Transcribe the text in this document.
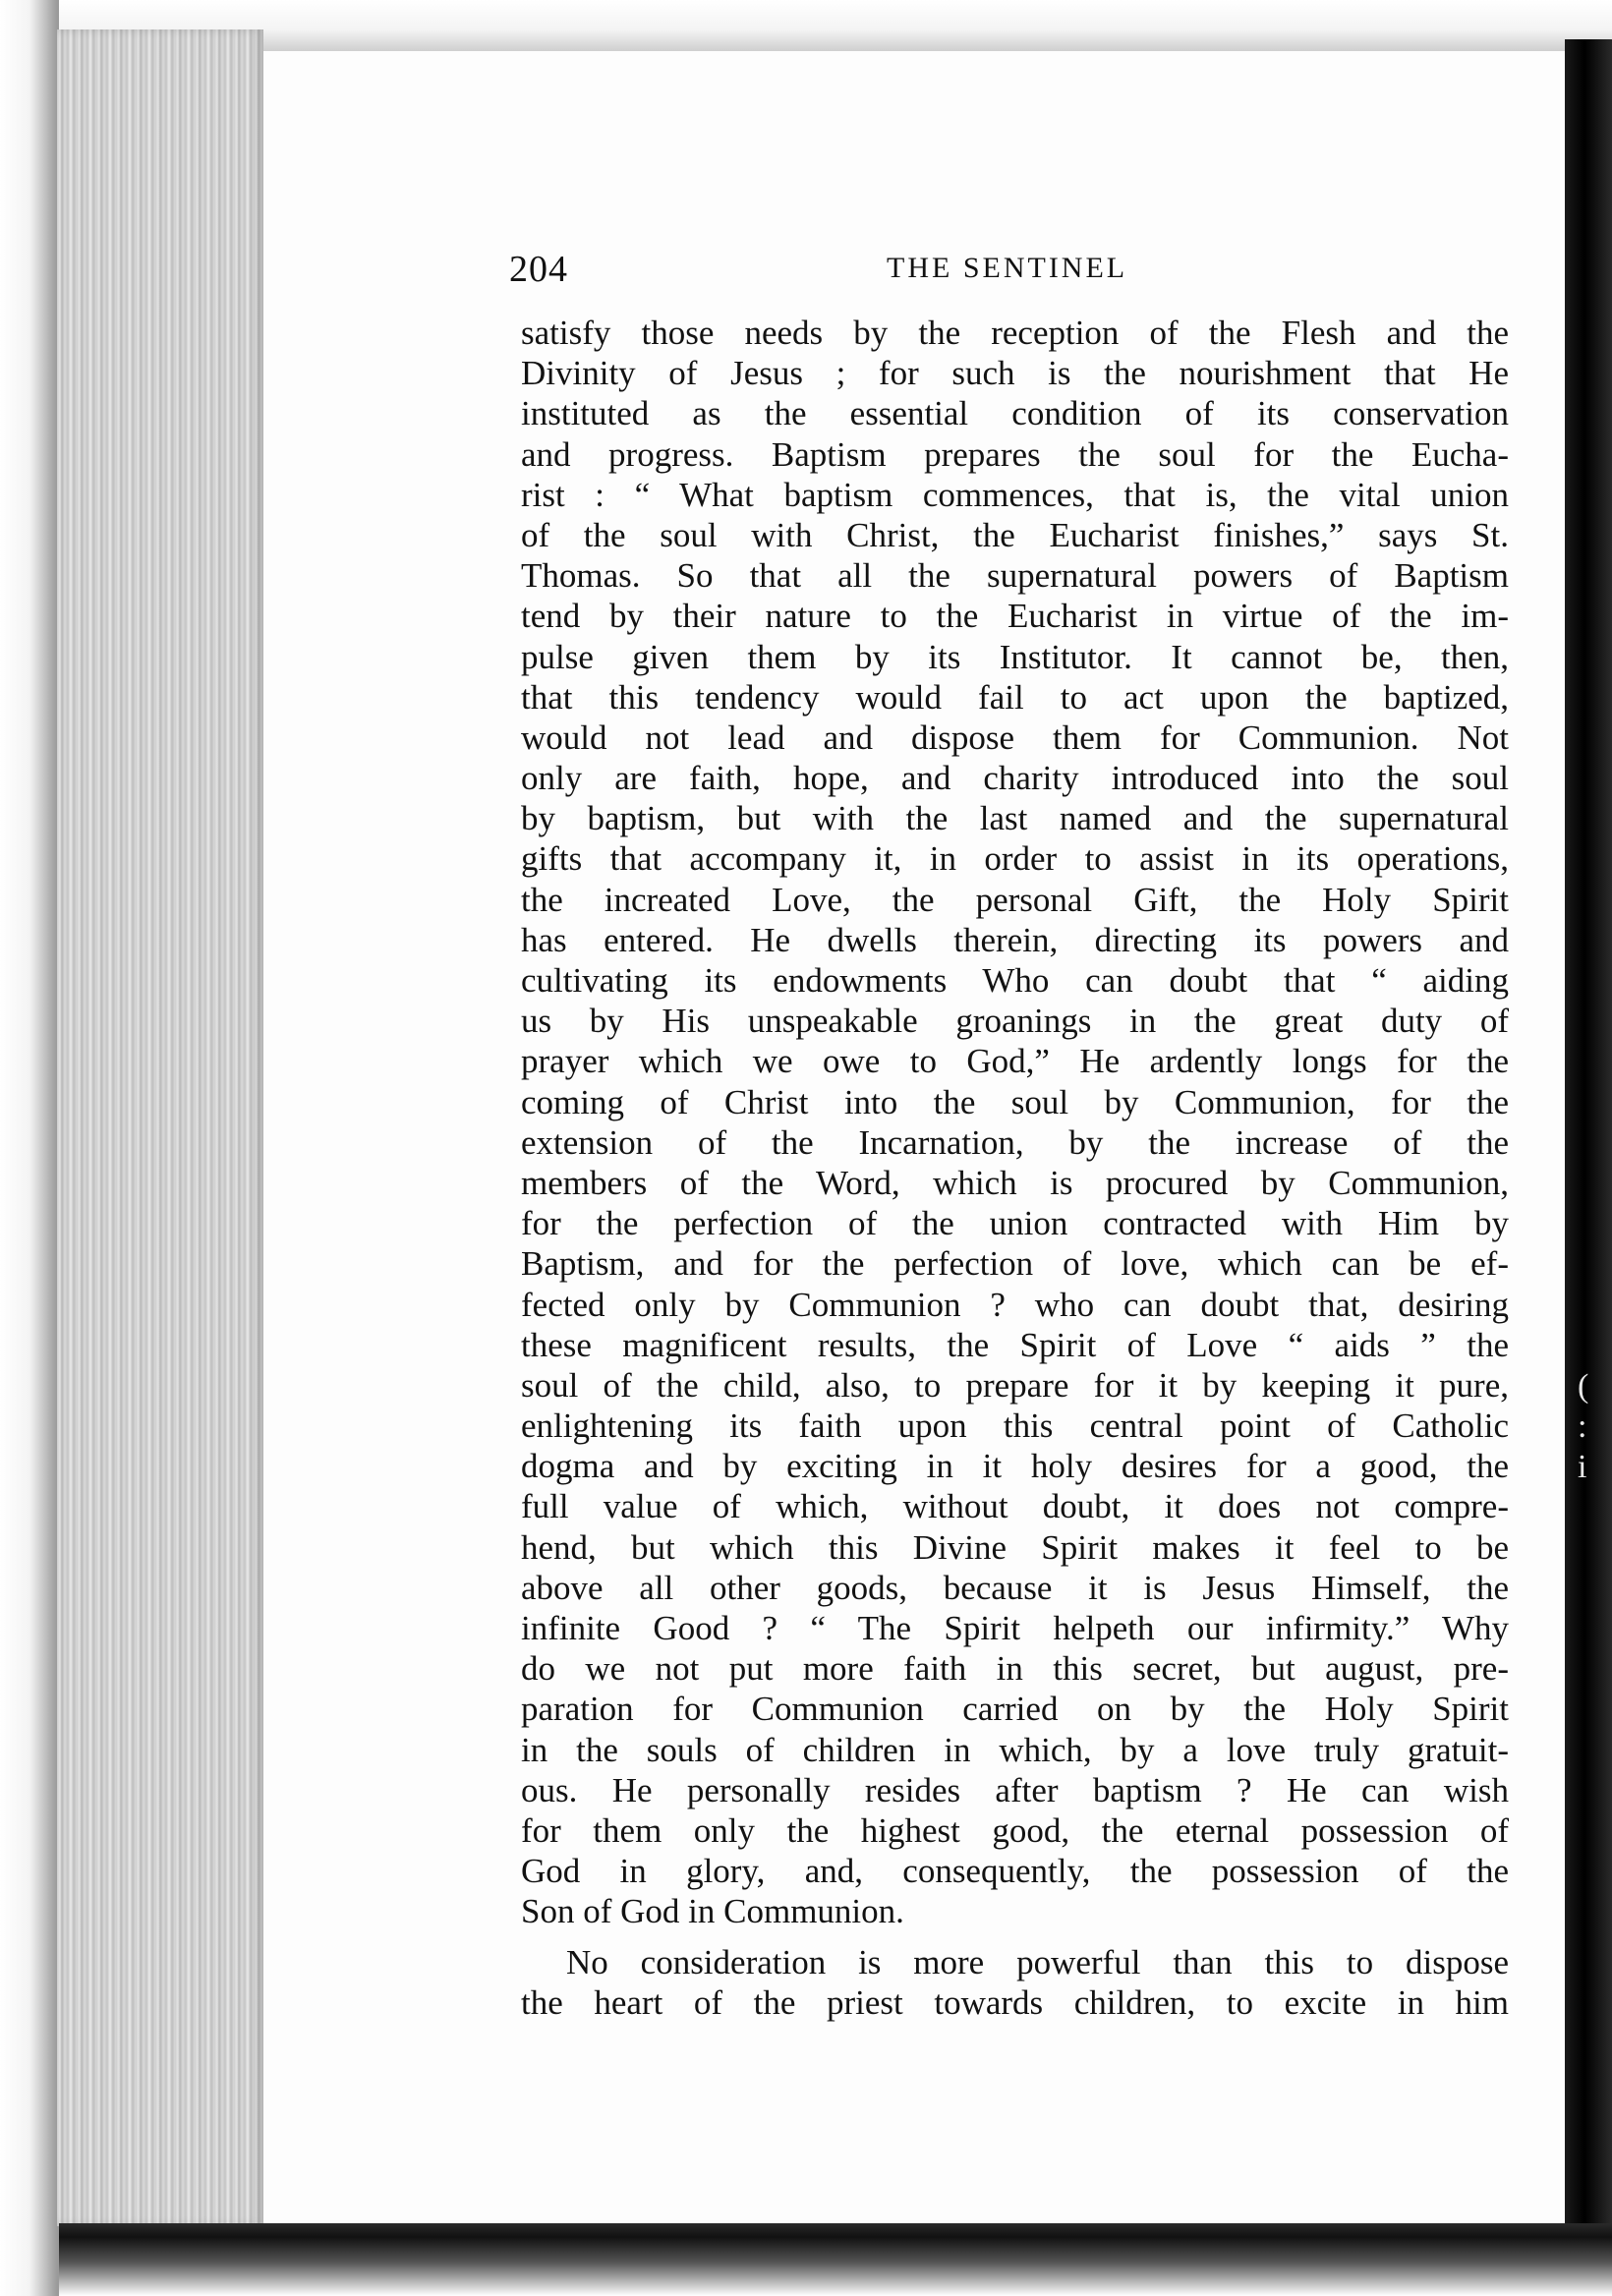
(
:
i
204	THE SENTINEL
satisfy those needs by the reception of the Flesh and the
Divinity of Jesus ; for such is the nourishment that He
instituted as the essential condition of its conservation
and progress. Baptism prepares the soul for the Eucha-
rist : “ What baptism commences, that is, the vital union
of the soul with Christ, the Eucharist finishes,” says St.
Thomas. So that all the supernatural powers of Baptism
tend by their nature to the Eucharist in virtue of the im-
pulse given them by its Institutor. It cannot be, then,
that this tendency would fail to act upon the baptized,
would not lead and dispose them for Communion. Not
only are faith, hope, and charity introduced into the soul
by baptism, but with the last named and the supernatural
gifts that accompany it, in order to assist in its operations,
the increated Love, the personal Gift, the Holy Spirit
has entered. He dwells therein, directing its powers and
cultivating its endowments Who can doubt that “ aiding
us by His unspeakable groanings in the great duty of
prayer which we owe to God,” He ardently longs for the
coming of Christ into the soul by Communion, for the
extension of the Incarnation, by the increase of the
members of the Word, which is procured by Communion,
for the perfection of the union contracted with Him by
Baptism, and for the perfection of love, which can be ef-
fected only by Communion ? who can doubt that, desiring
these magnificent results, the Spirit of Love “ aids ” the
soul of the child, also, to prepare for it by keeping it pure,
enlightening its faith upon this central point of Catholic
dogma and by exciting in it holy desires for a good, the
full value of which, without doubt, it does not compre-
hend, but which this Divine Spirit makes it feel to be
above all other goods, because it is Jesus Himself, the
infinite Good ? “ The Spirit helpeth our infirmity.” Why
do we not put more faith in this secret, but august, pre-
paration for Communion carried on by the Holy Spirit
in the souls of children in which, by a love truly gratuit-
ous. He personally resides after baptism ? He can wish
for them only the highest good, the eternal possession of
God in glory, and, consequently, the possession of the
Son of God in Communion.
No consideration is more powerful than this to dispose
the heart of the priest towards children, to excite in him
